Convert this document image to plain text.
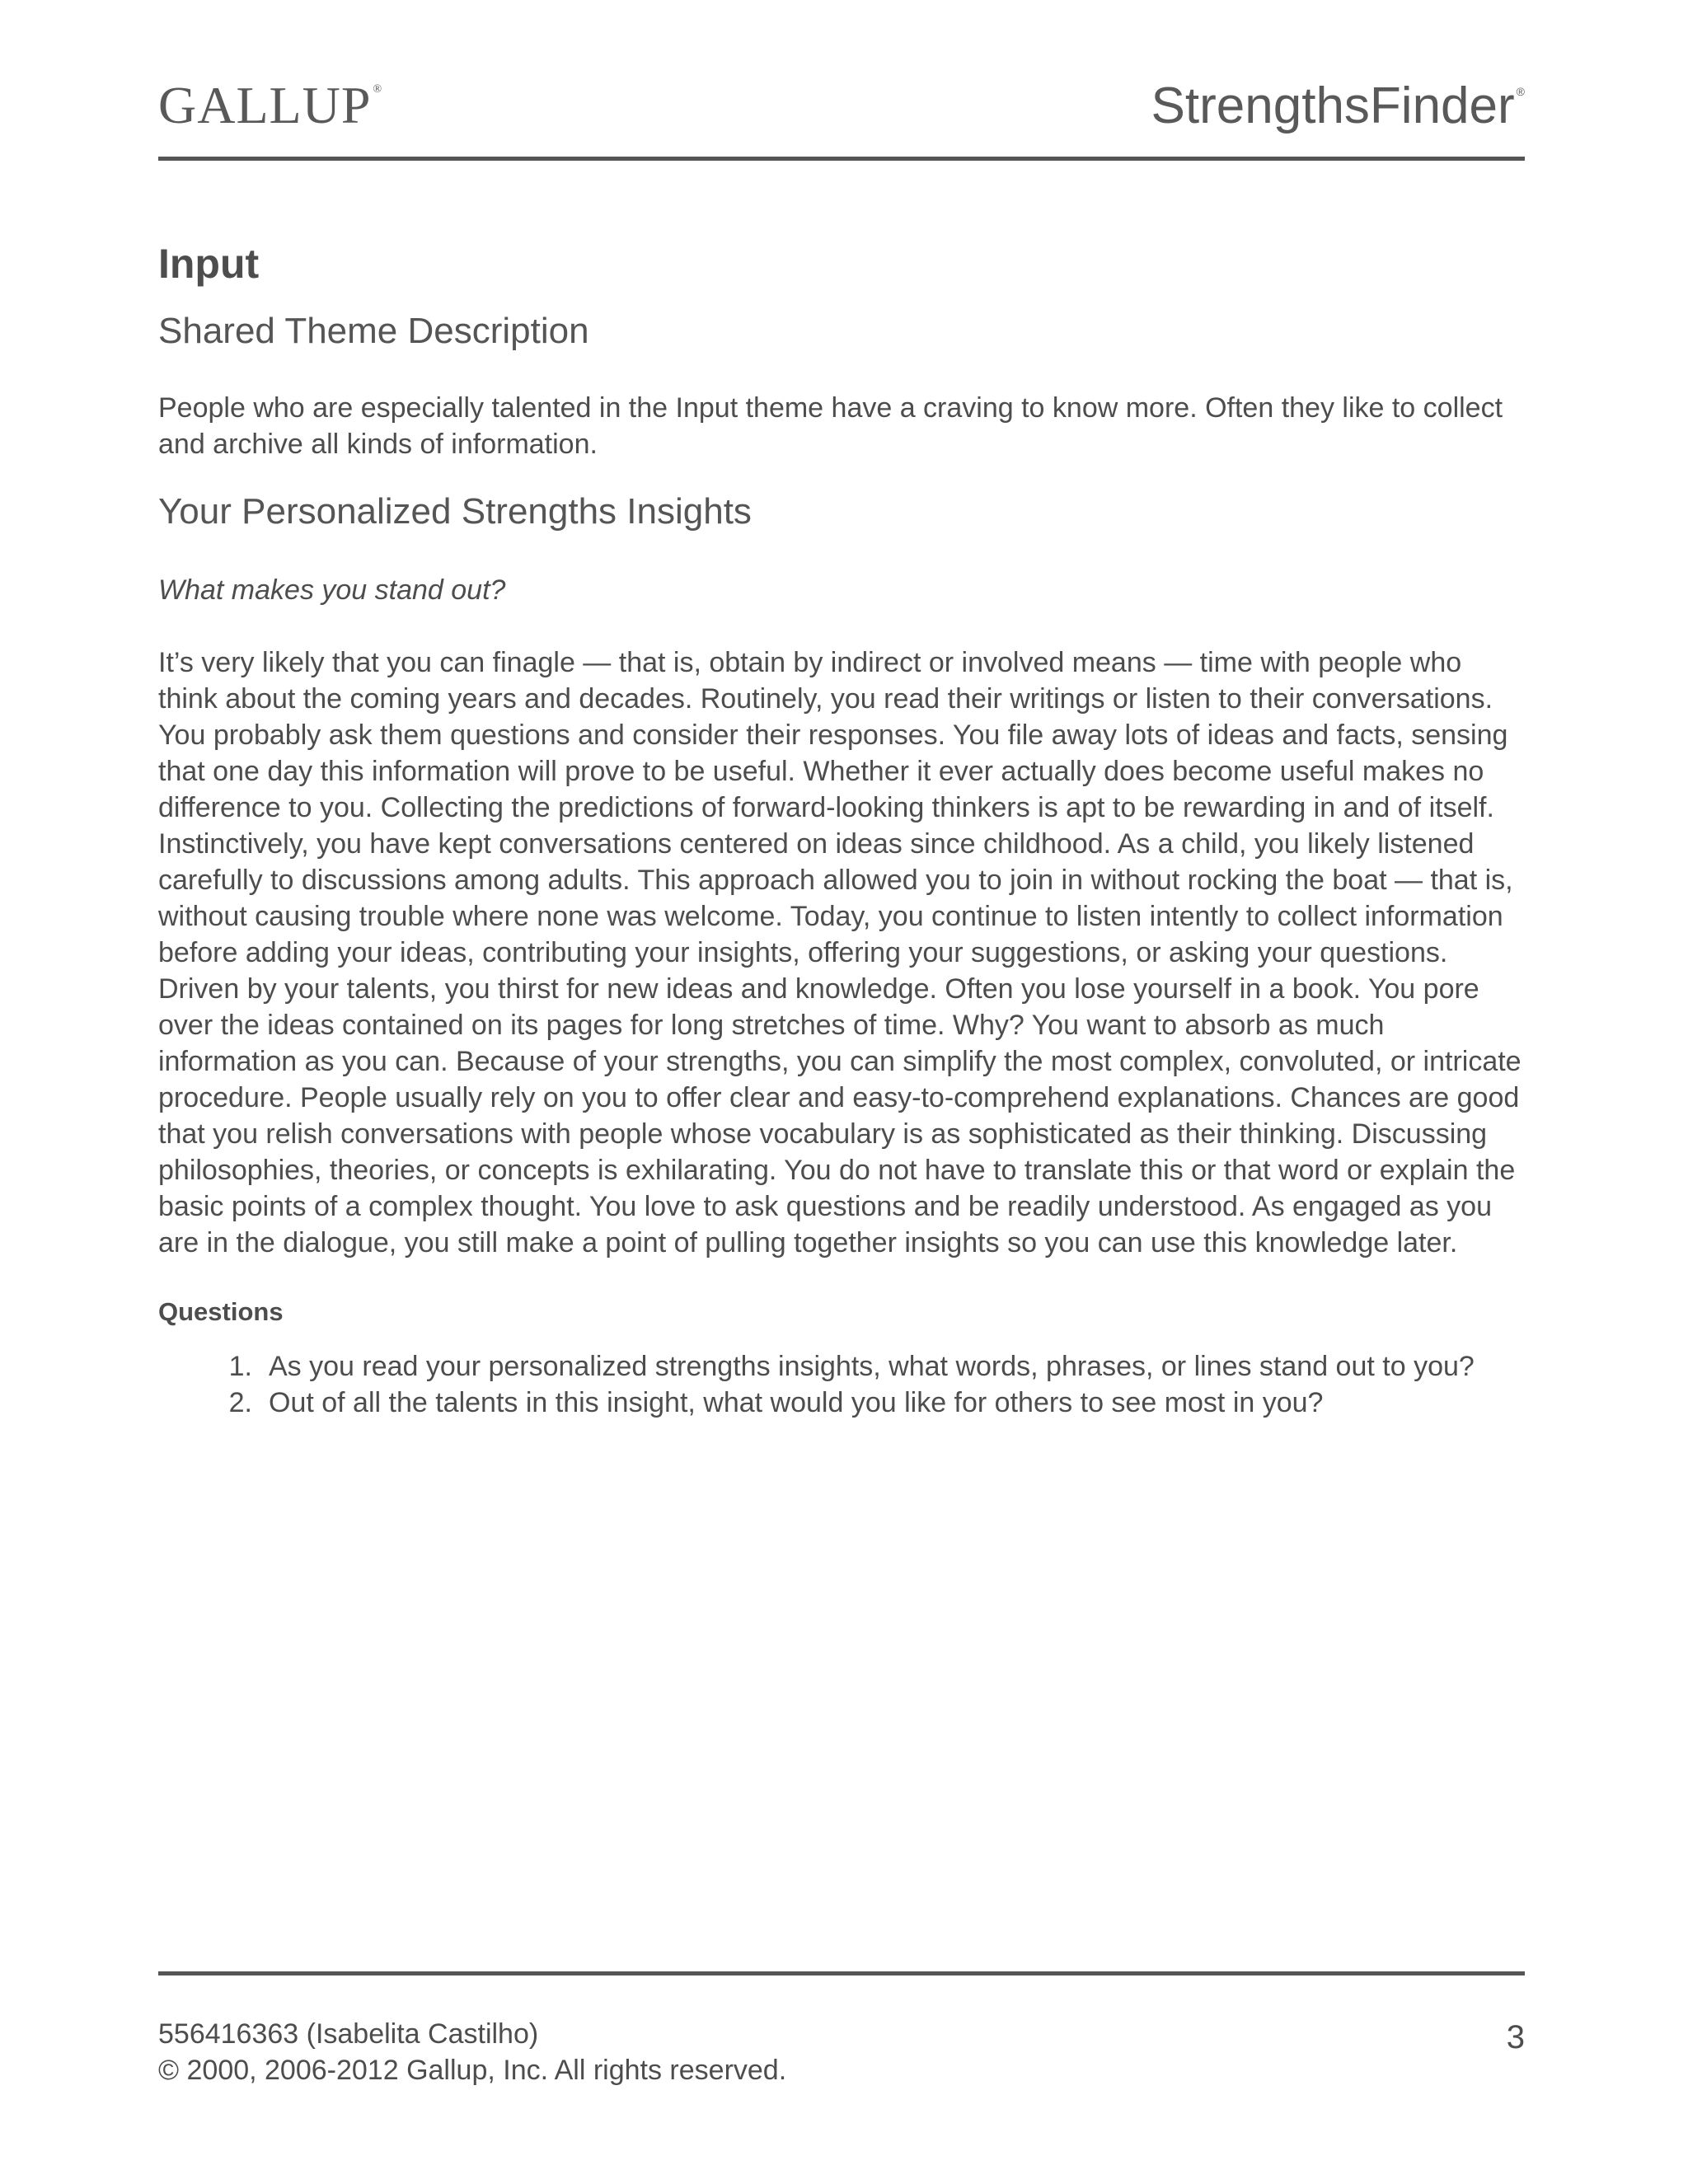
GALLUP ®	StrengthsFinder ®
Input
Shared Theme Description

People who are especially talented in the Input theme have a craving to know more. Often they like to collect and archive all kinds of information.

Your Personalized Strengths Insights

What makes you stand out?

It’s very likely that you can finagle — that is, obtain by indirect or involved means — time with people who think about the coming years and decades. Routinely, you read their writings or listen to their conversations. You probably ask them questions and consider their responses. You file away lots of ideas and facts, sensing that one day this information will prove to be useful. Whether it ever actually does become useful makes no difference to you. Collecting the predictions of forward-looking thinkers is apt to be rewarding in and of itself. Instinctively, you have kept conversations centered on ideas since childhood. As a child, you likely listened carefully to discussions among adults. This approach allowed you to join in without rocking the boat — that is, without causing trouble where none was welcome. Today, you continue to listen intently to collect information before adding your ideas, contributing your insights, offering your suggestions, or asking your questions. Driven by your talents, you thirst for new ideas and knowledge. Often you lose yourself in a book. You pore over the ideas contained on its pages for long stretches of time. Why? You want to absorb as much information as you can. Because of your strengths, you can simplify the most complex, convoluted, or intricate procedure. People usually rely on you to offer clear and easy-to-comprehend explanations. Chances are good that you relish conversations with people whose vocabulary is as sophisticated as their thinking. Discussing philosophies, theories, or concepts is exhilarating. You do not have to translate this or that word or explain the basic points of a complex thought. You love to ask questions and be readily understood. As engaged as you are in the dialogue, you still make a point of pulling together insights so you can use this knowledge later.

Questions
1. As you read your personalized strengths insights, what words, phrases, or lines stand out to you?
2. Out of all the talents in this insight, what would you like for others to see most in you?
556416363 (Isabelita Castilho)
© 2000, 2006-2012 Gallup, Inc. All rights reserved.
3
